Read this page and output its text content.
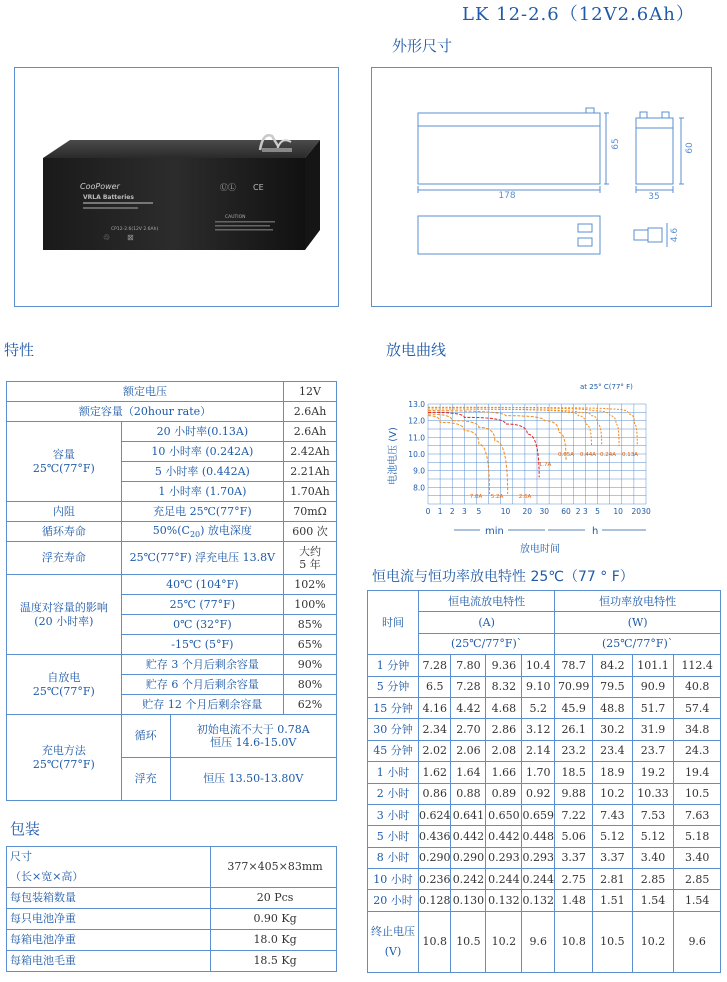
LK 12-2.6（12V2.6Ah）
CooPower
VRLA Batteries
CP12-2.6(12V 2.6Ah)
CAUTION
ⓊⓁ CE
♲ ⊠
外形尺寸
178
65	60
35
4.6
特性
额定电压			12V
额定容量（20hour rate）			2.6Ah
容量
25℃(77°F)	20 小时率(0.13A)		2.6Ah
	10 小时率 (0.242A)		2.42Ah
	5 小时率 (0.442A)		2.21Ah
	1 小时率 (1.70A)		1.70Ah
内阻	充足电 25℃(77°F)		70mΩ
循环寿命	$50\%(C_{20})$ 放电深度		600 次
浮充寿命	25℃(77°F) 浮充电压 13.8V		大约
5 年
温度对容量的影响
(20 小时率)	40℃ (104°F)		102%
	25℃ (77°F)		100%
	0℃ (32°F)		85%
	-15℃ (5°F)		65%
自放电
25℃(77°F)	贮存 3 个月后剩余容量		90%
	贮存 6 个月后剩余容量		80%
	贮存 12 个月后剩余容量		62%
充电方法
25℃(77°F)	循环	初始电流不大于 0.78A
恒压 14.6-15.0V	
	浮充	恒压 13.50-13.80V	
包装
尺寸
（长×宽×高）	377×405×83mm
每包装箱数量	20 Pcs
每只电池净重	0.90 Kg
每箱电池净重	18.0 Kg
每箱电池毛重	18.5 Kg
放电曲线
at 25° C(77° F)
电池电压 (V)
放电时间
13.0
12.0
11.0
10.0
9.0
8.0
0 1 2 3 5	10 20 30 60 2 3 5 10 20 30
7.8A 5.2A	2.6A
1.7A
0.65A 0.44A 0.24A 0.13A
min	h
恒电流与恒功率放电特性 25℃（77 ° F）
时间	恒电流放电特性				恒功率放电特性			
	(A)				(W)			
	(25℃/77°F)`				(25℃/77°F)`			
1 分钟	7.28	7.80	9.36	10.4	78.7	84.2	101.1	112.4
5 分钟	6.5	7.28	8.32	9.10	70.99	79.5	90.9	40.8
15 分钟	4.16	4.42	4.68	5.2	45.9	48.8	51.7	57.4
30 分钟	2.34	2.70	2.86	3.12	26.1	30.2	31.9	34.8
45 分钟	2.02	2.06	2.08	2.14	23.2	23.4	23.7	24.3
1 小时	1.62	1.64	1.66	1.70	18.5	18.9	19.2	19.4
2 小时	0.86	0.88	0.89	0.92	9.88	10.2	10.33	10.5
3 小时	0.624	0.641	0.650	0.659	7.22	7.43	7.53	7.63
5 小时	0.436	0.442	0.442	0.448	5.06	5.12	5.12	5.18
8 小时	0.290	0.290	0.293	0.293	3.37	3.37	3.40	3.40
10 小时	0.236	0.242	0.244	0.244	2.75	2.81	2.85	2.85
20 小时	0.128	0.130	0.132	0.132	1.48	1.51	1.54	1.54
终止电压
(V)	10.8	10.5	10.2	9.6	10.8	10.5	10.2	9.6
